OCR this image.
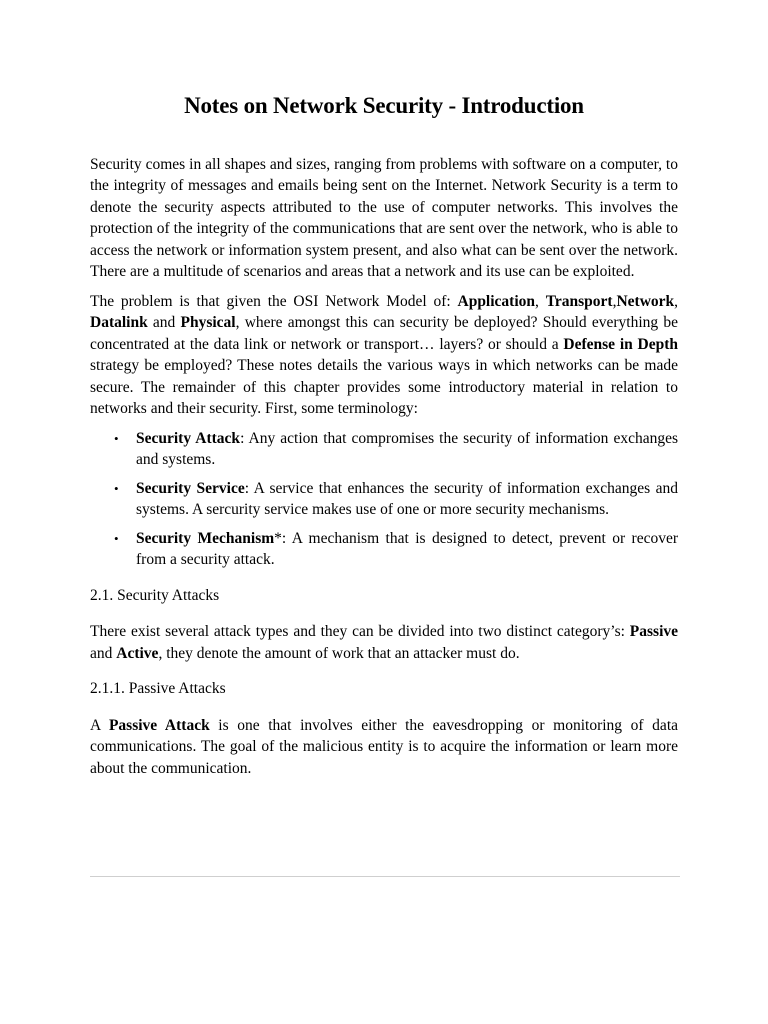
Notes on Network Security - Introduction

Security comes in all shapes and sizes, ranging from problems with software on a computer, to the integrity of messages and emails being sent on the Internet. Network Security is a term to denote the security aspects attributed to the use of computer networks. This involves the protection of the integrity of the communications that are sent over the network, who is able to access the network or information system present, and also what can be sent over the network. There are a multitude of scenarios and areas that a network and its use can be exploited.

The problem is that given the OSI Network Model of: Application, Transport,Network, Datalink and Physical, where amongst this can security be deployed? Should everything be concentrated at the data link or network or transport… layers? or should a Defense in Depth strategy be employed? These notes details the various ways in which networks can be made secure. The remainder of this chapter provides some introductory material in relation to networks and their security. First, some terminology:

• Security Attack: Any action that compromises the security of information exchanges and systems.
• Security Service: A service that enhances the security of information exchanges and systems. A sercurity service makes use of one or more security mechanisms.
• Security Mechanism*: A mechanism that is designed to detect, prevent or recover from a security attack.
2.1. Security Attacks

There exist several attack types and they can be divided into two distinct category’s: Passive and Active, they denote the amount of work that an attacker must do.

2.1.1. Passive Attacks

A Passive Attack is one that involves either the eavesdropping or monitoring of data communications. The goal of the malicious entity is to acquire the information or learn more about the communication.
